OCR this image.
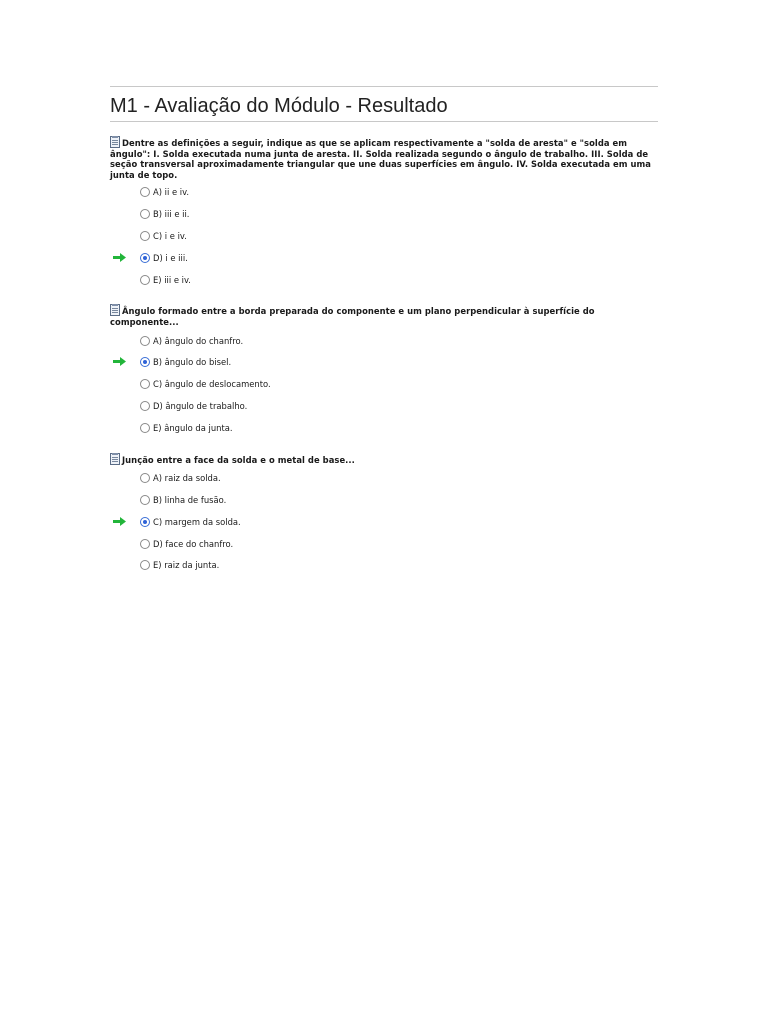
M1 - Avaliação do Módulo - Resultado
Dentre as definições a seguir, indique as que se aplicam respectivamente a "solda de aresta" e "solda em ângulo": I. Solda executada numa junta de aresta. II. Solda realizada segundo o ângulo de trabalho. III. Solda de seção transversal aproximadamente triangular que une duas superfícies em ângulo. IV. Solda executada em uma junta de topo.
A) ii e iv.
B) iii e ii.
C) i e iv.
D) i e iii.
E) iii e iv.
Ângulo formado entre a borda preparada do componente e um plano perpendicular à superfície do componente...
A) ângulo do chanfro.
B) ângulo do bisel.
C) ângulo de deslocamento.
D) ângulo de trabalho.
E) ângulo da junta.
Junção entre a face da solda e o metal de base...
A) raiz da solda.
B) linha de fusão.
C) margem da solda.
D) face do chanfro.
E) raiz da junta.
